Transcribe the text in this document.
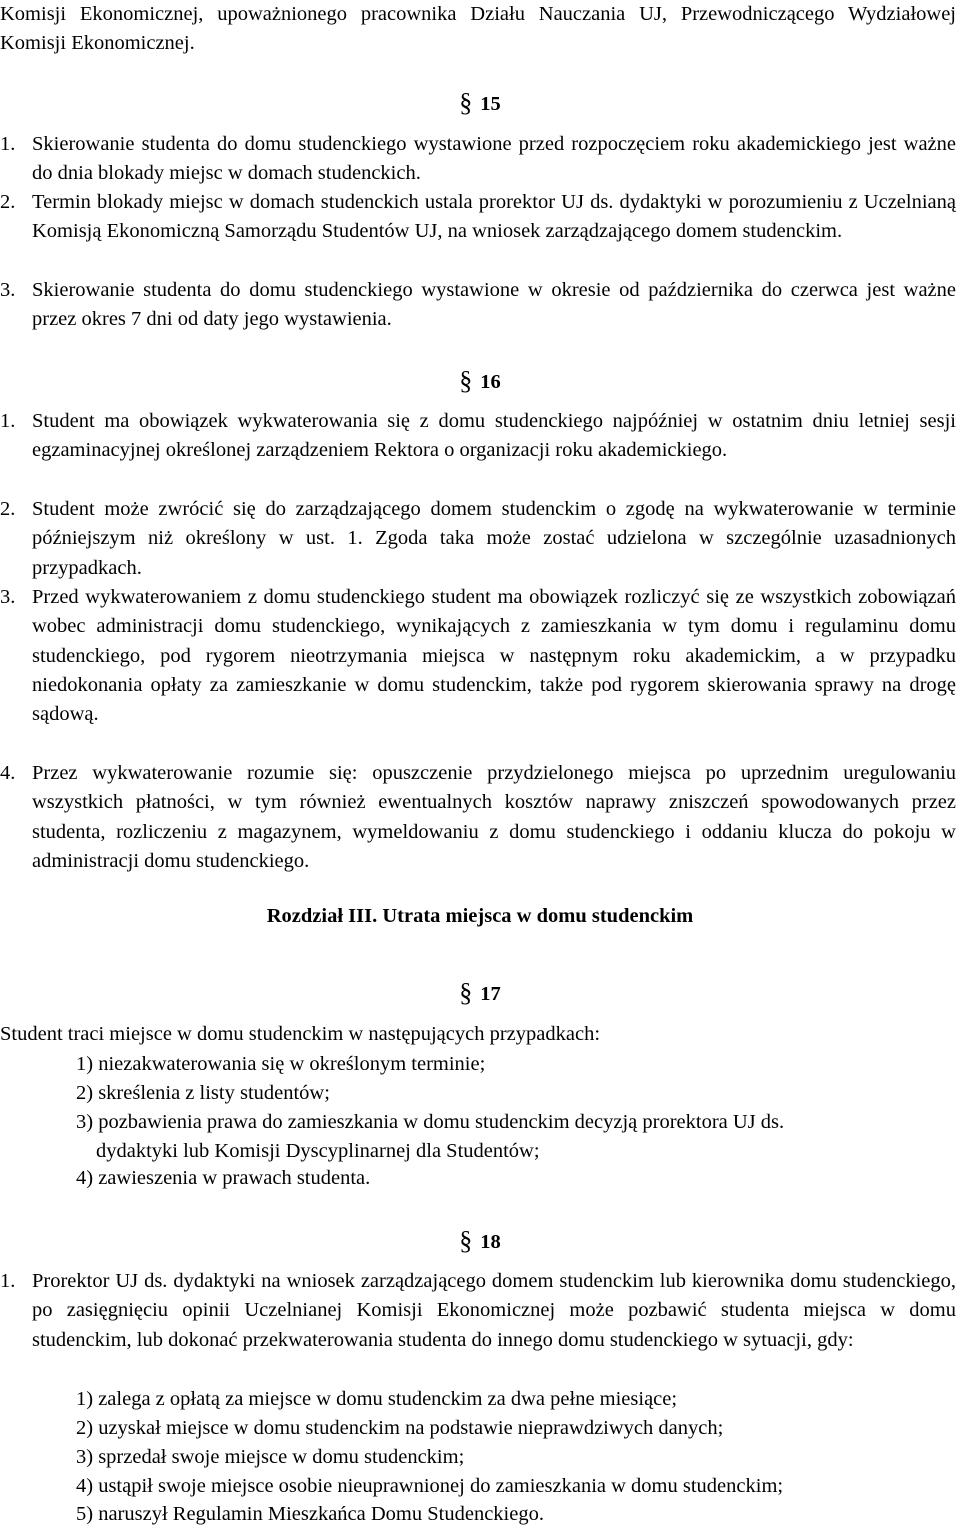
Komisji Ekonomicznej, upoważnionego pracownika Działu Nauczania UJ, Przewodniczącego Wydziałowej Komisji Ekonomicznej.

§ 15
1. Skierowanie studenta do domu studenckiego wystawione przed rozpoczęciem roku akademickiego jest ważne do dnia blokady miejsc w domach studenckich.

2. Termin blokady miejsc w domach studenckich ustala prorektor UJ ds. dydaktyki w porozumieniu z Uczelnianą Komisją Ekonomiczną Samorządu Studentów UJ, na wniosek zarządzającego domem studenckim.

3. Skierowanie studenta do domu studenckiego wystawione w okresie od października do czerwca jest ważne przez okres 7 dni od daty jego wystawienia.

§ 16
1. Student ma obowiązek wykwaterowania się z domu studenckiego najpóźniej w ostatnim dniu letniej sesji egzaminacyjnej określonej zarządzeniem Rektora o organizacji roku akademickiego.

2. Student może zwrócić się do zarządzającego domem studenckim o zgodę na wykwaterowanie w terminie późniejszym niż określony w ust. 1. Zgoda taka może zostać udzielona w szczególnie uzasadnionych przypadkach.

3. Przed wykwaterowaniem z domu studenckiego student ma obowiązek rozliczyć się ze wszystkich zobowiązań wobec administracji domu studenckiego, wynikających z zamieszkania w tym domu i regulaminu domu studenckiego, pod rygorem nieotrzymania miejsca w następnym roku akademickim, a w przypadku niedokonania opłaty za zamieszkanie w domu studenckim, także pod rygorem skierowania sprawy na drogę sądową.

4. Przez wykwaterowanie rozumie się: opuszczenie przydzielonego miejsca po uprzednim uregulowaniu wszystkich płatności, w tym również ewentualnych kosztów naprawy zniszczeń spowodowanych przez studenta, rozliczeniu z magazynem, wymeldowaniu z domu studenckiego i oddaniu klucza do pokoju w administracji domu studenckiego.

Rozdział III. Utrata miejsca w domu studenckim
§ 17
Student traci miejsce w domu studenckim w następujących przypadkach:
1) niezakwaterowania się w określonym terminie;
2) skreślenia z listy studentów;
3) pozbawienia prawa do zamieszkania w domu studenckim decyzją prorektora UJ ds.
dydaktyki lub Komisji Dyscyplinarnej dla Studentów;
4) zawieszenia w prawach studenta.
§ 18
1. Prorektor UJ ds. dydaktyki na wniosek zarządzającego domem studenckim lub kierownika domu studenckiego, po zasięgnięciu opinii Uczelnianej Komisji Ekonomicznej może pozbawić studenta miejsca w domu studenckim, lub dokonać przekwaterowania studenta do innego domu studenckiego w sytuacji, gdy:

1) zalega z opłatą za miejsce w domu studenckim za dwa pełne miesiące;
2) uzyskał miejsce w domu studenckim na podstawie nieprawdziwych danych;
3) sprzedał swoje miejsce w domu studenckim;
4) ustąpił swoje miejsce osobie nieuprawnionej do zamieszkania w domu studenckim;
5) naruszył Regulamin Mieszkańca Domu Studenckiego.
